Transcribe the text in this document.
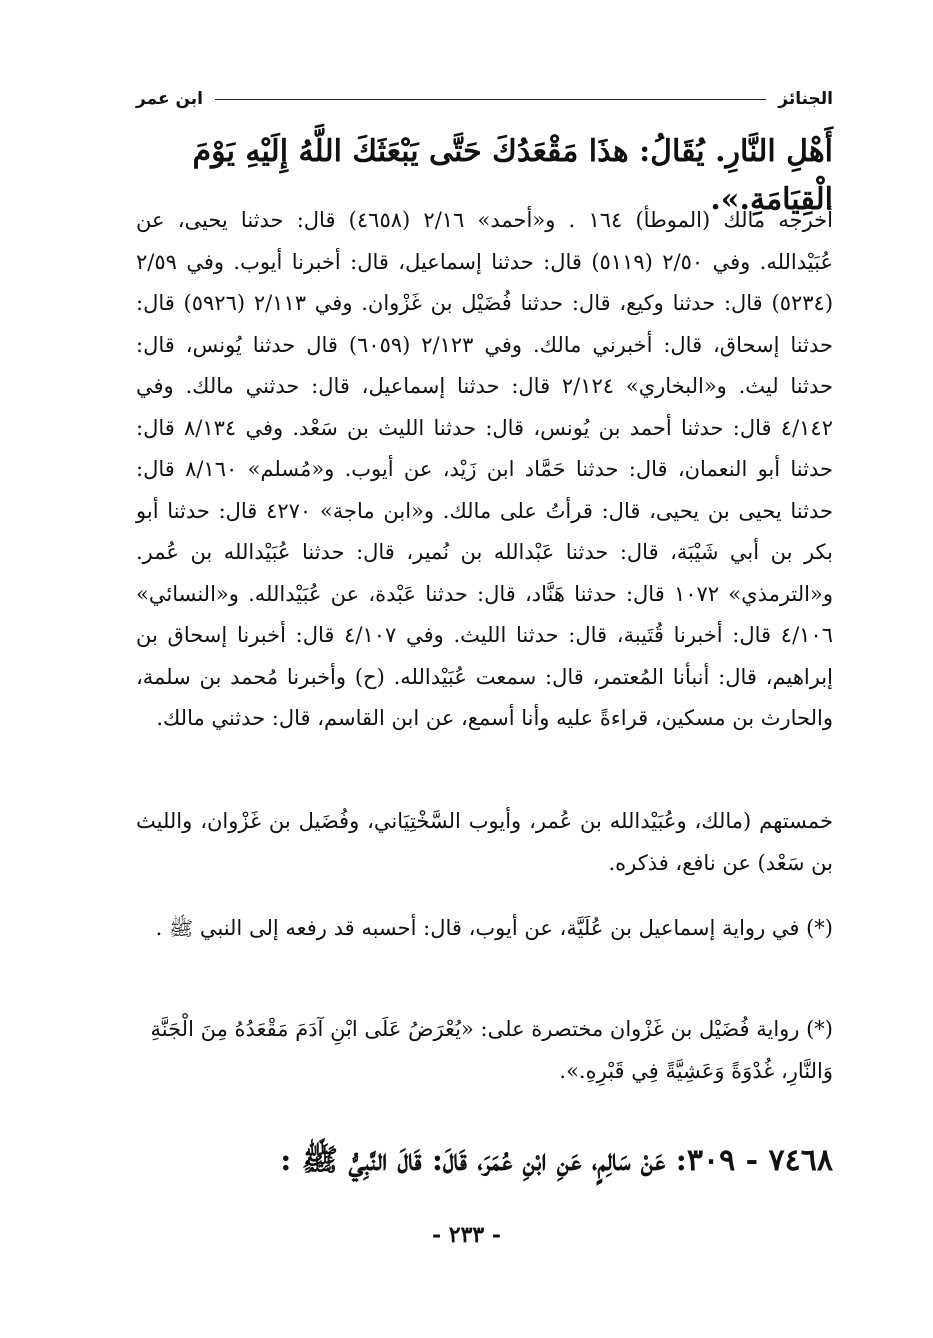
الجنائز
ابن عمر
أَهْلِ النَّارِ. يُقَالُ: هذَا مَقْعَدُكَ حَتَّى يَبْعَثَكَ اللَّهُ إِلَيْهِ يَوْمَ الْقِيَامَةِ.».
أخرجه مالك (الموطأ) ١٦٤ . و«أحمد» ٢/١٦ (٤٦٥٨) قال: حدثنا يحيى، عن عُبَيْدالله. وفي ٢/٥٠ (٥١١٩) قال: حدثنا إسماعيل، قال: أخبرنا أيوب. وفي ٢/٥٩ (٥٢٣٤) قال: حدثنا وكيع، قال: حدثنا فُضَيْل بن غَزْوان. وفي ٢/١١٣ (٥٩٢٦) قال: حدثنا إسحاق، قال: أخبرني مالك. وفي ٢/١٢٣ (٦٠٥٩) قال حدثنا يُونس، قال: حدثنا ليث. و«البخاري» ٢/١٢٤ قال: حدثنا إسماعيل، قال: حدثني مالك. وفي ٤/١٤٢ قال: حدثنا أحمد بن يُونس، قال: حدثنا الليث بن سَعْد. وفي ٨/١٣٤ قال: حدثنا أبو النعمان، قال: حدثنا حَمَّاد ابن زَيْد، عن أيوب. و«مُسلم» ٨/١٦٠ قال: حدثنا يحيى بن يحيى، قال: قرأتُ على مالك. و«ابن ماجة» ٤٢٧٠ قال: حدثنا أبو بكر بن أبي شَيْبَة، قال: حدثنا عَبْدالله بن نُمير، قال: حدثنا عُبَيْدالله بن عُمر. و«الترمذي» ١٠٧٢ قال: حدثنا هَنَّاد، قال: حدثنا عَبْدة، عن عُبَيْدالله. و«النسائي» ٤/١٠٦ قال: أخبرنا قُتَيبة، قال: حدثنا الليث. وفي ٤/١٠٧ قال: أخبرنا إسحاق بن إبراهيم، قال: أنبأنا المُعتمر، قال: سمعت عُبَيْدالله. (ح) وأخبرنا مُحمد بن سلمة، والحارث بن مسكين، قراءةً عليه وأنا أسمع، عن ابن القاسم، قال: حدثني مالك.
خمستهم (مالك، وعُبَيْدالله بن عُمر، وأيوب السَّخْتِيَاني، وفُضَيل بن غَزْوان، والليث بن سَعْد) عن نافع، فذكره.
(*) في رواية إسماعيل بن عُلَيَّة، عن أيوب، قال: أحسبه قد رفعه إلى النبي ﷺ .
(*) رواية فُضَيْل بن غَزْوان مختصرة على: «يُعْرَضُ عَلَى ابْنِ آدَمَ مَقْعَدُهُ مِنَ الْجَنَّةِ وَالنَّارِ، غُدْوَةً وَعَشِيَّةً فِي قَبْرِهِ.».
٧٤٦٨ - ٣٠٩: عَنْ سَالِمٍ، عَنِ ابْنِ عُمَرَ، قَالَ: قَالَ النَّبِيُّ ﷺ :
- ٢٣٣ -
